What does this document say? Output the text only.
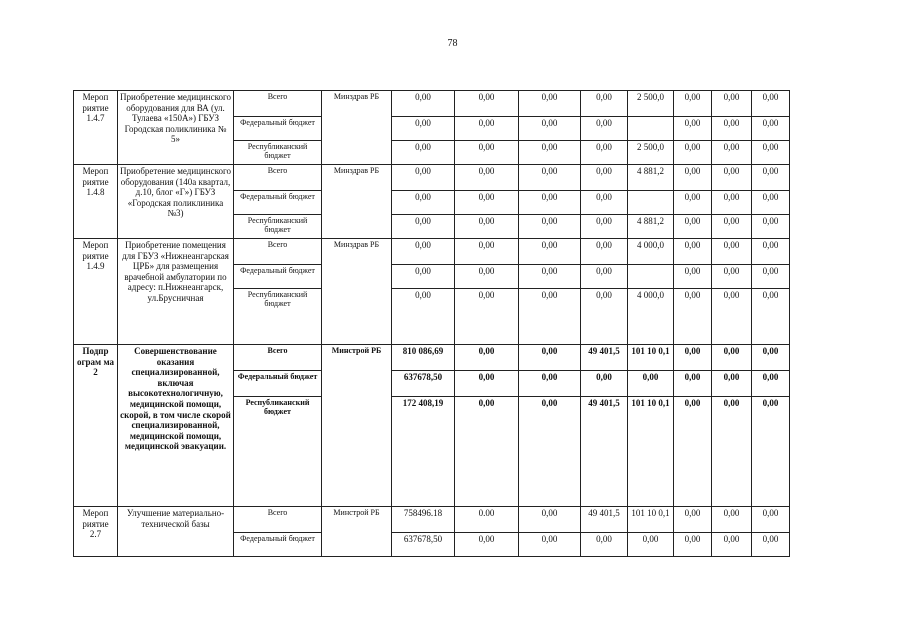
78
Мероп риятие 1.4.7	Приобретение медицинского оборудования для ВА (ул. Тулаева «150А») ГБУЗ Городская поликлиника № 5»	Всего	Минздрав РБ	0,00	0,00	0,00	0,00	2 500,0	0,00	0,00	0,00
		Федеральный бюджет		0,00	0,00	0,00	0,00		0,00	0,00	0,00
		Республиканский бюджет		0,00	0,00	0,00	0,00	2 500,0	0,00	0,00	0,00
Мероп риятие 1.4.8	Приобретение медицинского оборудования (140а квартал, д.10, блог «Г») ГБУЗ «Городская поликлиника №3)	Всего	Минздрав РБ	0,00	0,00	0,00	0,00	4 881,2	0,00	0,00	0,00
		Федеральный бюджет		0,00	0,00	0,00	0,00		0,00	0,00	0,00
		Республиканский бюджет		0,00	0,00	0,00	0,00	4 881,2	0,00	0,00	0,00
Мероп риятие 1.4.9	Приобретение помещения для ГБУЗ «Нижнеангарская ЦРБ» для размещения врачебной амбулатории по адресу: п.Нижнеангарск, ул.Брусничная	Всего	Минздрав РБ	0,00	0,00	0,00	0,00	4 000,0	0,00	0,00	0,00
		Федеральный бюджет		0,00	0,00	0,00	0,00		0,00	0,00	0,00
		Республиканский бюджет		0,00	0,00	0,00	0,00	4 000,0	0,00	0,00	0,00
Подпр ограм ма 2	Совершенствование оказания специализированной, включая высокотехнологичную, медицинской помощи, скорой, в том числе скорой специализированной, медицинской помощи, медицинской эвакуации.	Всего	Минстрой РБ	810 086,69	0,00	0,00	49 401,5	101 10 0,1	0,00	0,00	0,00
		Федеральный бюджет		637678,50	0,00	0,00	0,00	0,00	0,00	0,00	0,00
		Республиканский бюджет		172 408,19	0,00	0,00	49 401,5	101 10 0,1	0,00	0,00	0,00
Мероп риятие 2.7	Улучшение материально-технической базы	Всего	Минстрой РБ	758496.18	0.00	0,00	49 401,5	101 10 0,1	0,00	0,00	0,00
		Федеральный бюджет		637678,50	0,00	0,00	0,00	0,00	0,00	0,00	0,00
